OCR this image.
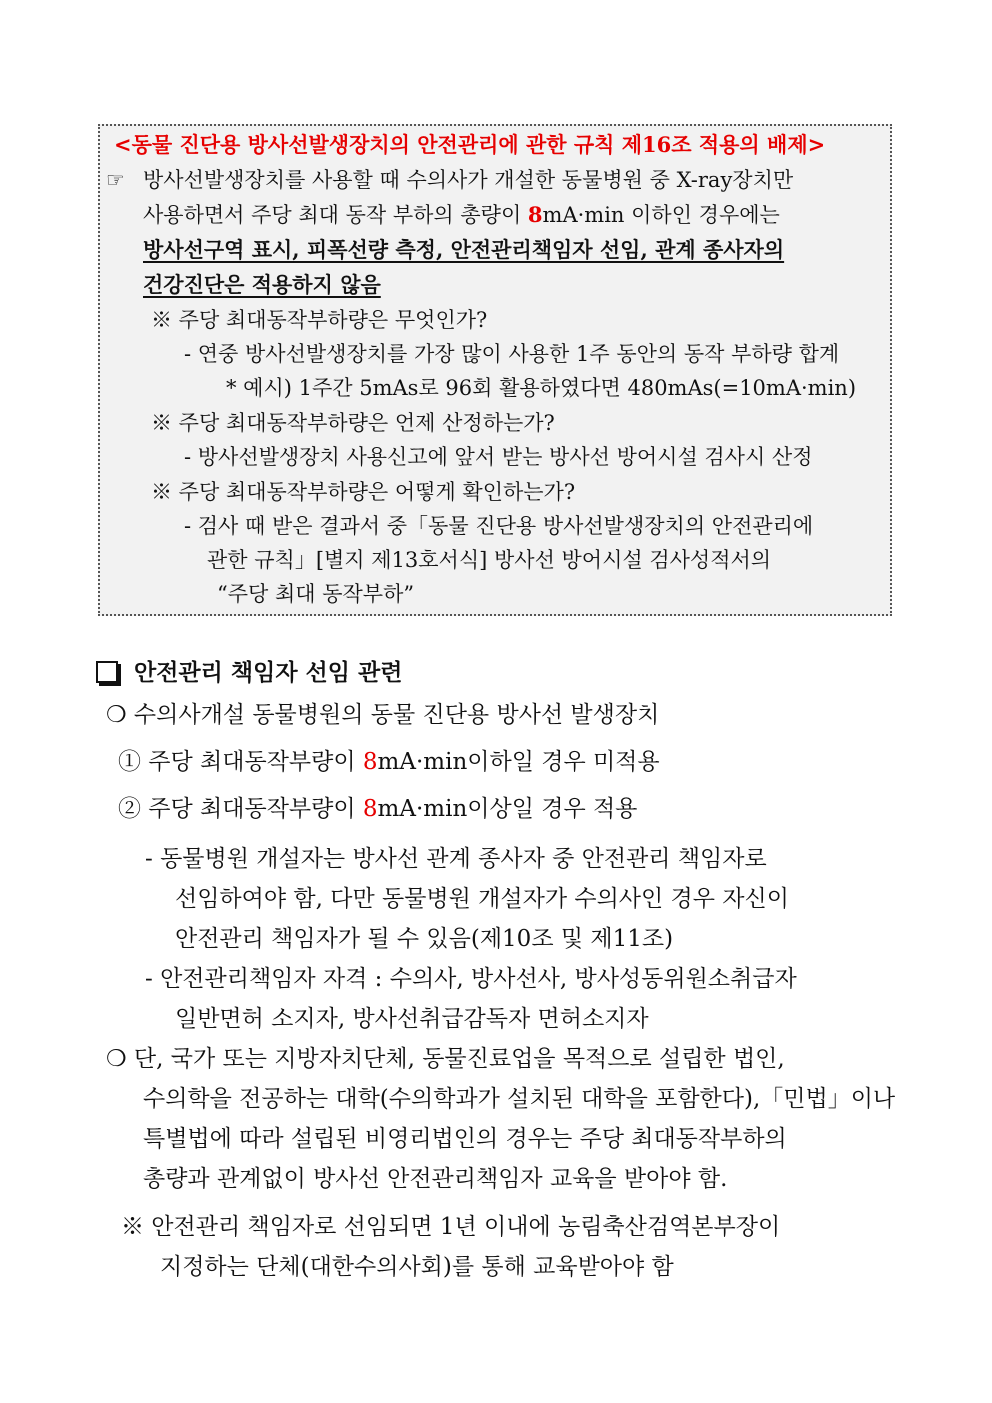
<동물 진단용 방사선발생장치의 안전관리에 관한 규칙 제16조 적용의 배제>
☞ 방사선발생장치를 사용할 때 수의사가 개설한 동물병원 중 X-ray장치만
사용하면서 주당 최대 동작 부하의 총량이 8mA·min 이하인 경우에는
방사선구역 표시, 피폭선량 측정, 안전관리책임자 선임, 관계 종사자의
건강진단은 적용하지 않음
※ 주당 최대동작부하량은 무엇인가?
- 연중 방사선발생장치를 가장 많이 사용한 1주 동안의 동작 부하량 합계
* 예시) 1주간 5mAs로 96회 활용하였다면 480mAs(=10mA·min)
※ 주당 최대동작부하량은 언제 산정하는가?
- 방사선발생장치 사용신고에 앞서 받는 방사선 방어시설 검사시 산정
※ 주당 최대동작부하량은 어떻게 확인하는가?
- 검사 때 받은 결과서 중「동물 진단용 방사선발생장치의 안전관리에
관한 규칙」[별지 제13호서식] 방사선 방어시설 검사성적서의
“주당 최대 동작부하”
안전관리 책임자 선임 관련
❍ 수의사개설 동물병원의 동물 진단용 방사선 발생장치
① 주당 최대동작부량이 8mA·min이하일 경우 미적용
② 주당 최대동작부량이 8mA·min이상일 경우 적용
- 동물병원 개설자는 방사선 관계 종사자 중 안전관리 책임자로
선임하여야 함, 다만 동물병원 개설자가 수의사인 경우 자신이
안전관리 책임자가 될 수 있음(제10조 및 제11조)
- 안전관리책임자 자격 : 수의사, 방사선사, 방사성동위원소취급자
일반면허 소지자, 방사선취급감독자 면허소지자
❍ 단, 국가 또는 지방자치단체, 동물진료업을 목적으로 설립한 법인,
수의학을 전공하는 대학(수의학과가 설치된 대학을 포함한다),「민법」이나
특별법에 따라 설립된 비영리법인의 경우는 주당 최대동작부하의
총량과 관계없이 방사선 안전관리책임자 교육을 받아야 함.
※ 안전관리 책임자로 선임되면 1년 이내에 농림축산검역본부장이
지정하는 단체(대한수의사회)를 통해 교육받아야 함
